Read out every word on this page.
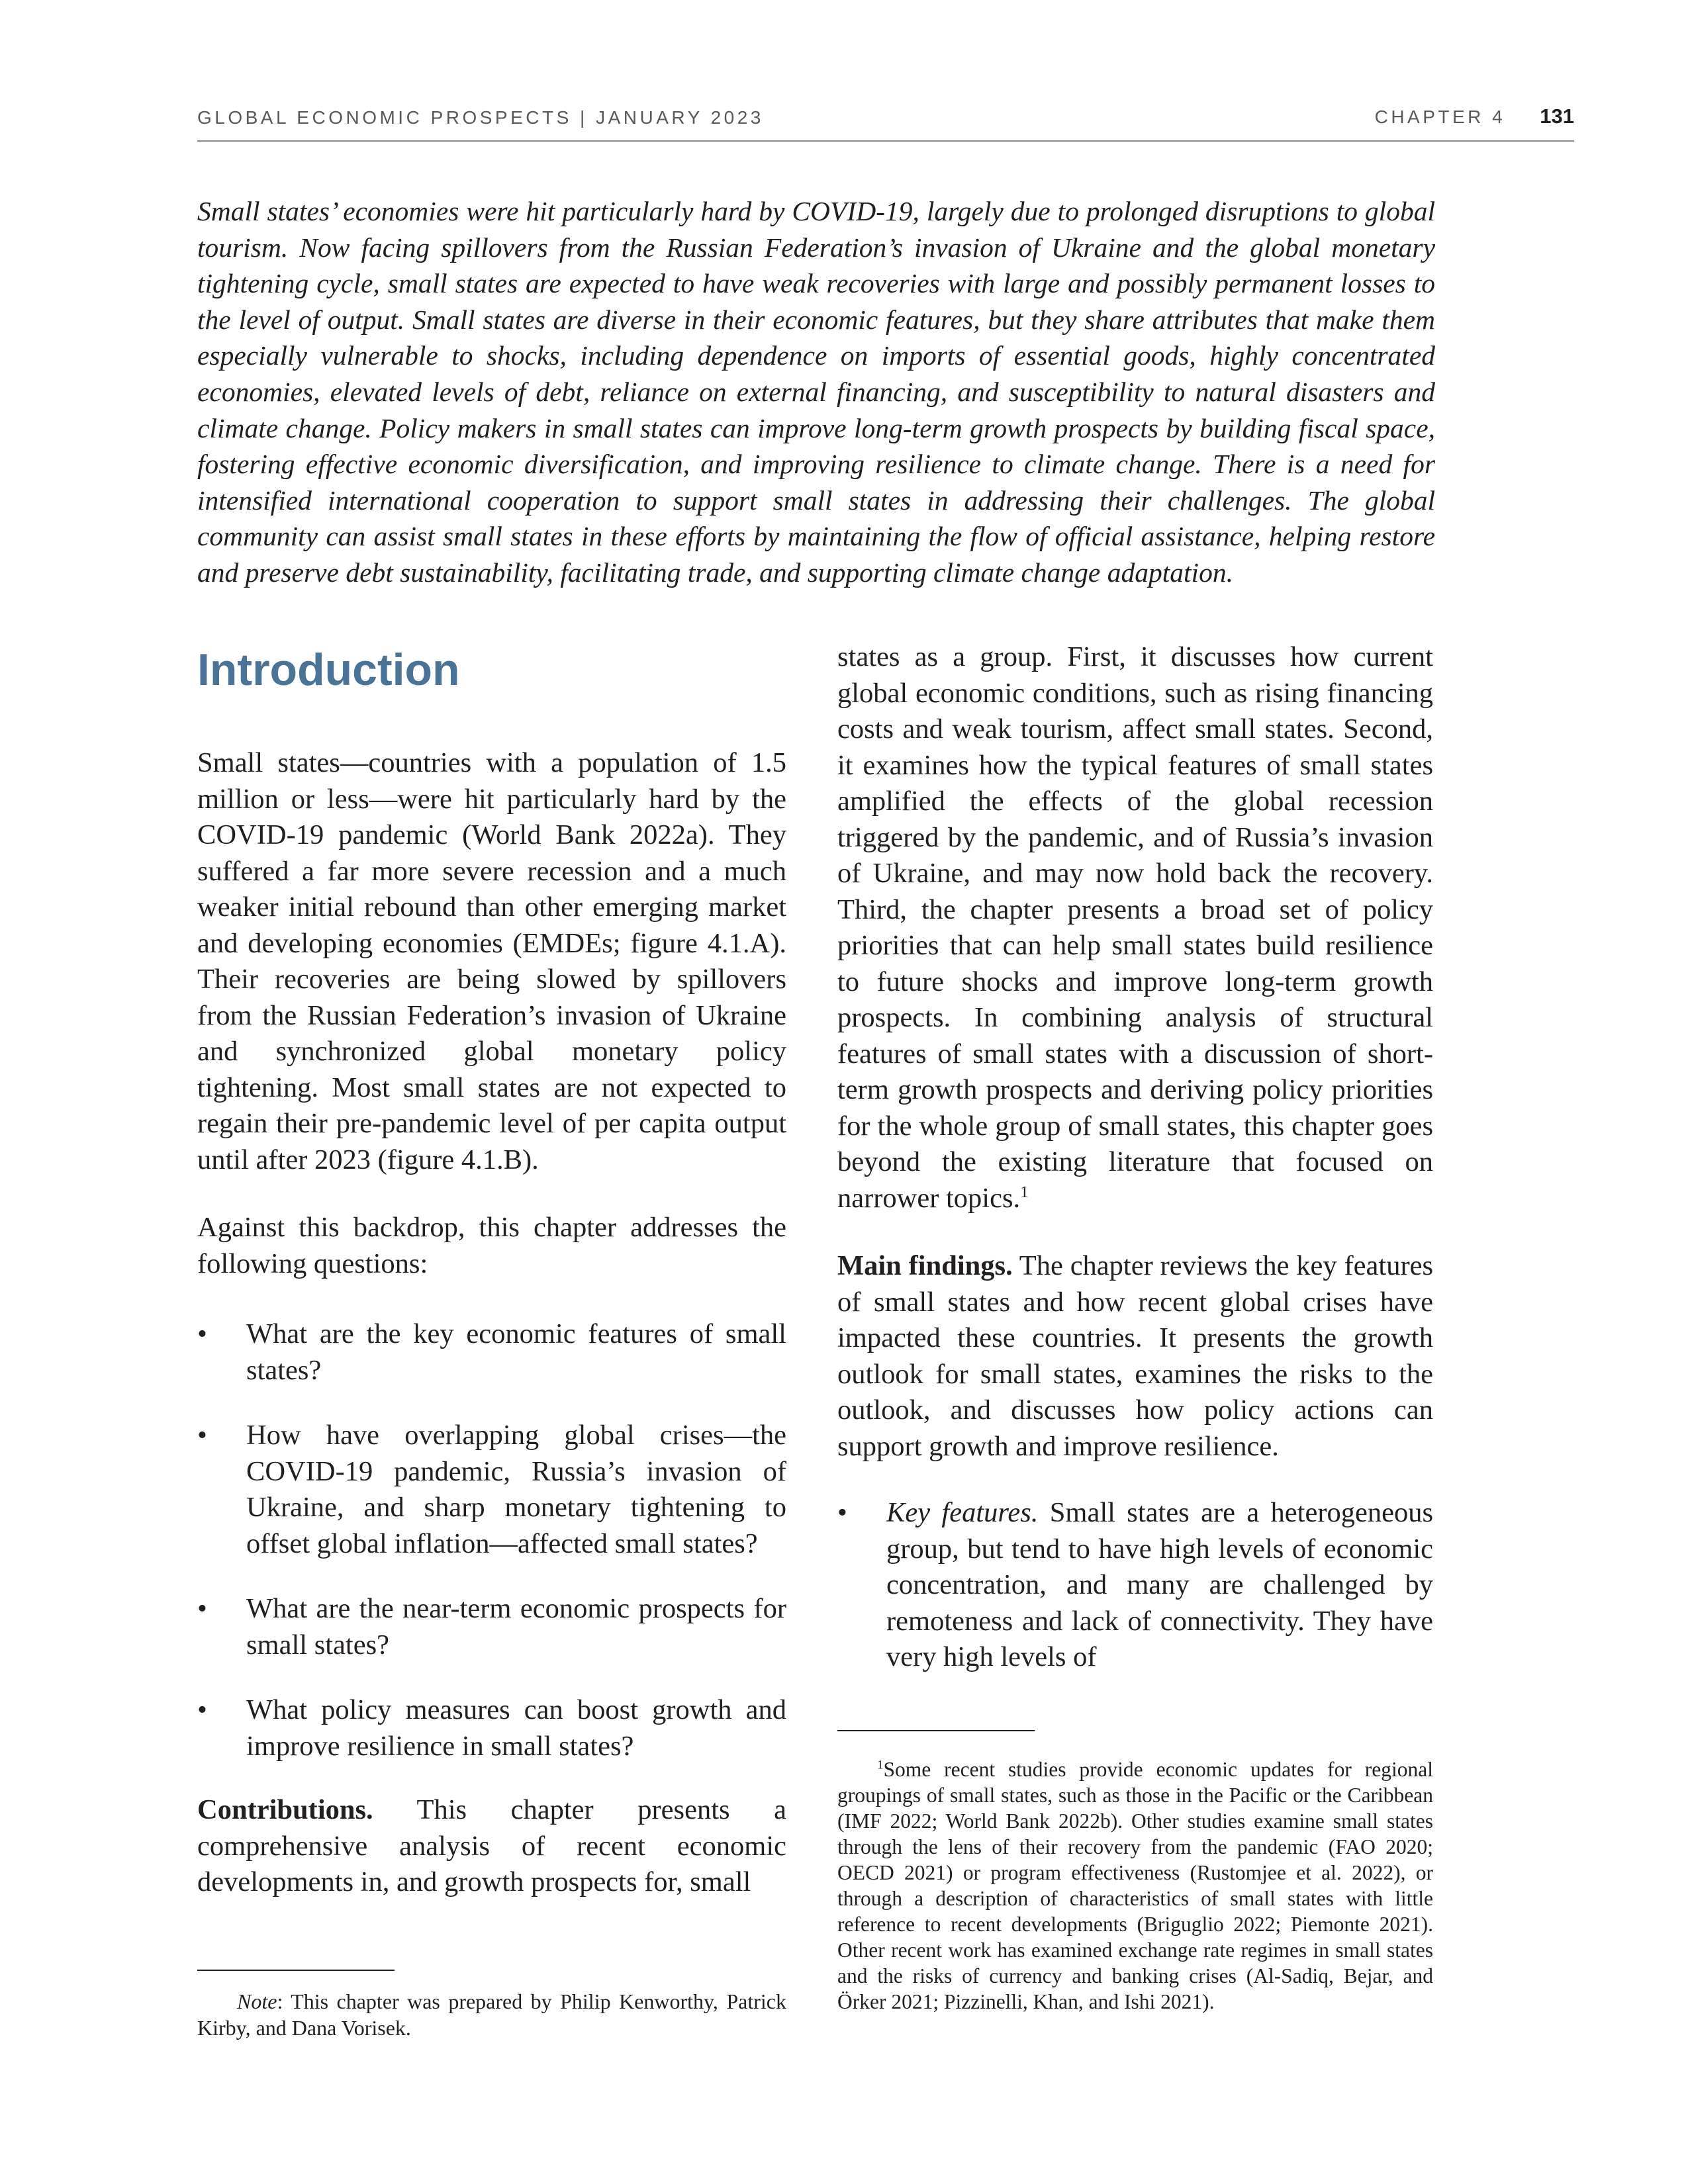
GLOBAL ECONOMIC PROSPECTS | JANUARY 2023	CHAPTER 4 131

Small states’ economies were hit particularly hard by COVID-19, largely due to prolonged disruptions to global tourism. Now facing spillovers from the Russian Federation’s invasion of Ukraine and the global monetary tightening cycle, small states are expected to have weak recoveries with large and possibly permanent losses to the level of output. Small states are diverse in their economic features, but they share attributes that make them especially vulnerable to shocks, including dependence on imports of essential goods, highly concentrated economies, elevated levels of debt, reliance on external financing, and susceptibility to natural disasters and climate change. Policy makers in small states can improve long-term growth prospects by building fiscal space, fostering effective economic diversification, and improving resilience to climate change. There is a need for intensified international cooperation to support small states in addressing their challenges. The global community can assist small states in these efforts by maintaining the flow of official assistance, helping restore and preserve debt sustainability, facilitating trade, and supporting climate change adaptation.

Introduction

Small states—countries with a population of 1.5 million or less—were hit particularly hard by the COVID-19 pandemic (World Bank 2022a). They suffered a far more severe recession and a much weaker initial rebound than other emerging market and developing economies (EMDEs; figure 4.1.A). Their recoveries are being slowed by spillovers from the Russian Federation’s invasion of Ukraine and synchronized global monetary policy tightening. Most small states are not expected to regain their pre-pandemic level of per capita output until after 2023 (figure 4.1.B).

Against this backdrop, this chapter addresses the following questions:

•	What are the key economic features of small states?
•	How have overlapping global crises—the COVID-19 pandemic, Russia’s invasion of Ukraine, and sharp monetary tightening to offset global inflation—affected small states?
•	What are the near-term economic prospects for small states?
•	What policy measures can boost growth and improve resilience in small states?

Contributions. This chapter presents a comprehensive analysis of recent economic developments in, and growth prospects for, small

Note: This chapter was prepared by Philip Kenworthy, Patrick Kirby, and Dana Vorisek.

states as a group. First, it discusses how current global economic conditions, such as rising financing costs and weak tourism, affect small states. Second, it examines how the typical features of small states amplified the effects of the global recession triggered by the pandemic, and of Russia’s invasion of Ukraine, and may now hold back the recovery. Third, the chapter presents a broad set of policy priorities that can help small states build resilience to future shocks and improve long-term growth prospects. In combining analysis of structural features of small states with a discussion of short-term growth prospects and deriving policy priorities for the whole group of small states, this chapter goes beyond the existing literature that focused on narrower topics.$^1$

Main findings. The chapter reviews the key features of small states and how recent global crises have impacted these countries. It presents the growth outlook for small states, examines the risks to the outlook, and discusses how policy actions can support growth and improve resilience.

•	Key features. Small states are a heterogeneous group, but tend to have high levels of economic concentration, and many are challenged by remoteness and lack of connectivity. They have very high levels of

$^1$Some recent studies provide economic updates for regional groupings of small states, such as those in the Pacific or the Caribbean (IMF 2022; World Bank 2022b). Other studies examine small states through the lens of their recovery from the pandemic (FAO 2020; OECD 2021) or program effectiveness (Rustomjee et al. 2022), or through a description of characteristics of small states with little reference to recent developments (Briguglio 2022; Piemonte 2021). Other recent work has examined exchange rate regimes in small states and the risks of currency and banking crises (Al-Sadiq, Bejar, and Örker 2021; Pizzinelli, Khan, and Ishi 2021).
